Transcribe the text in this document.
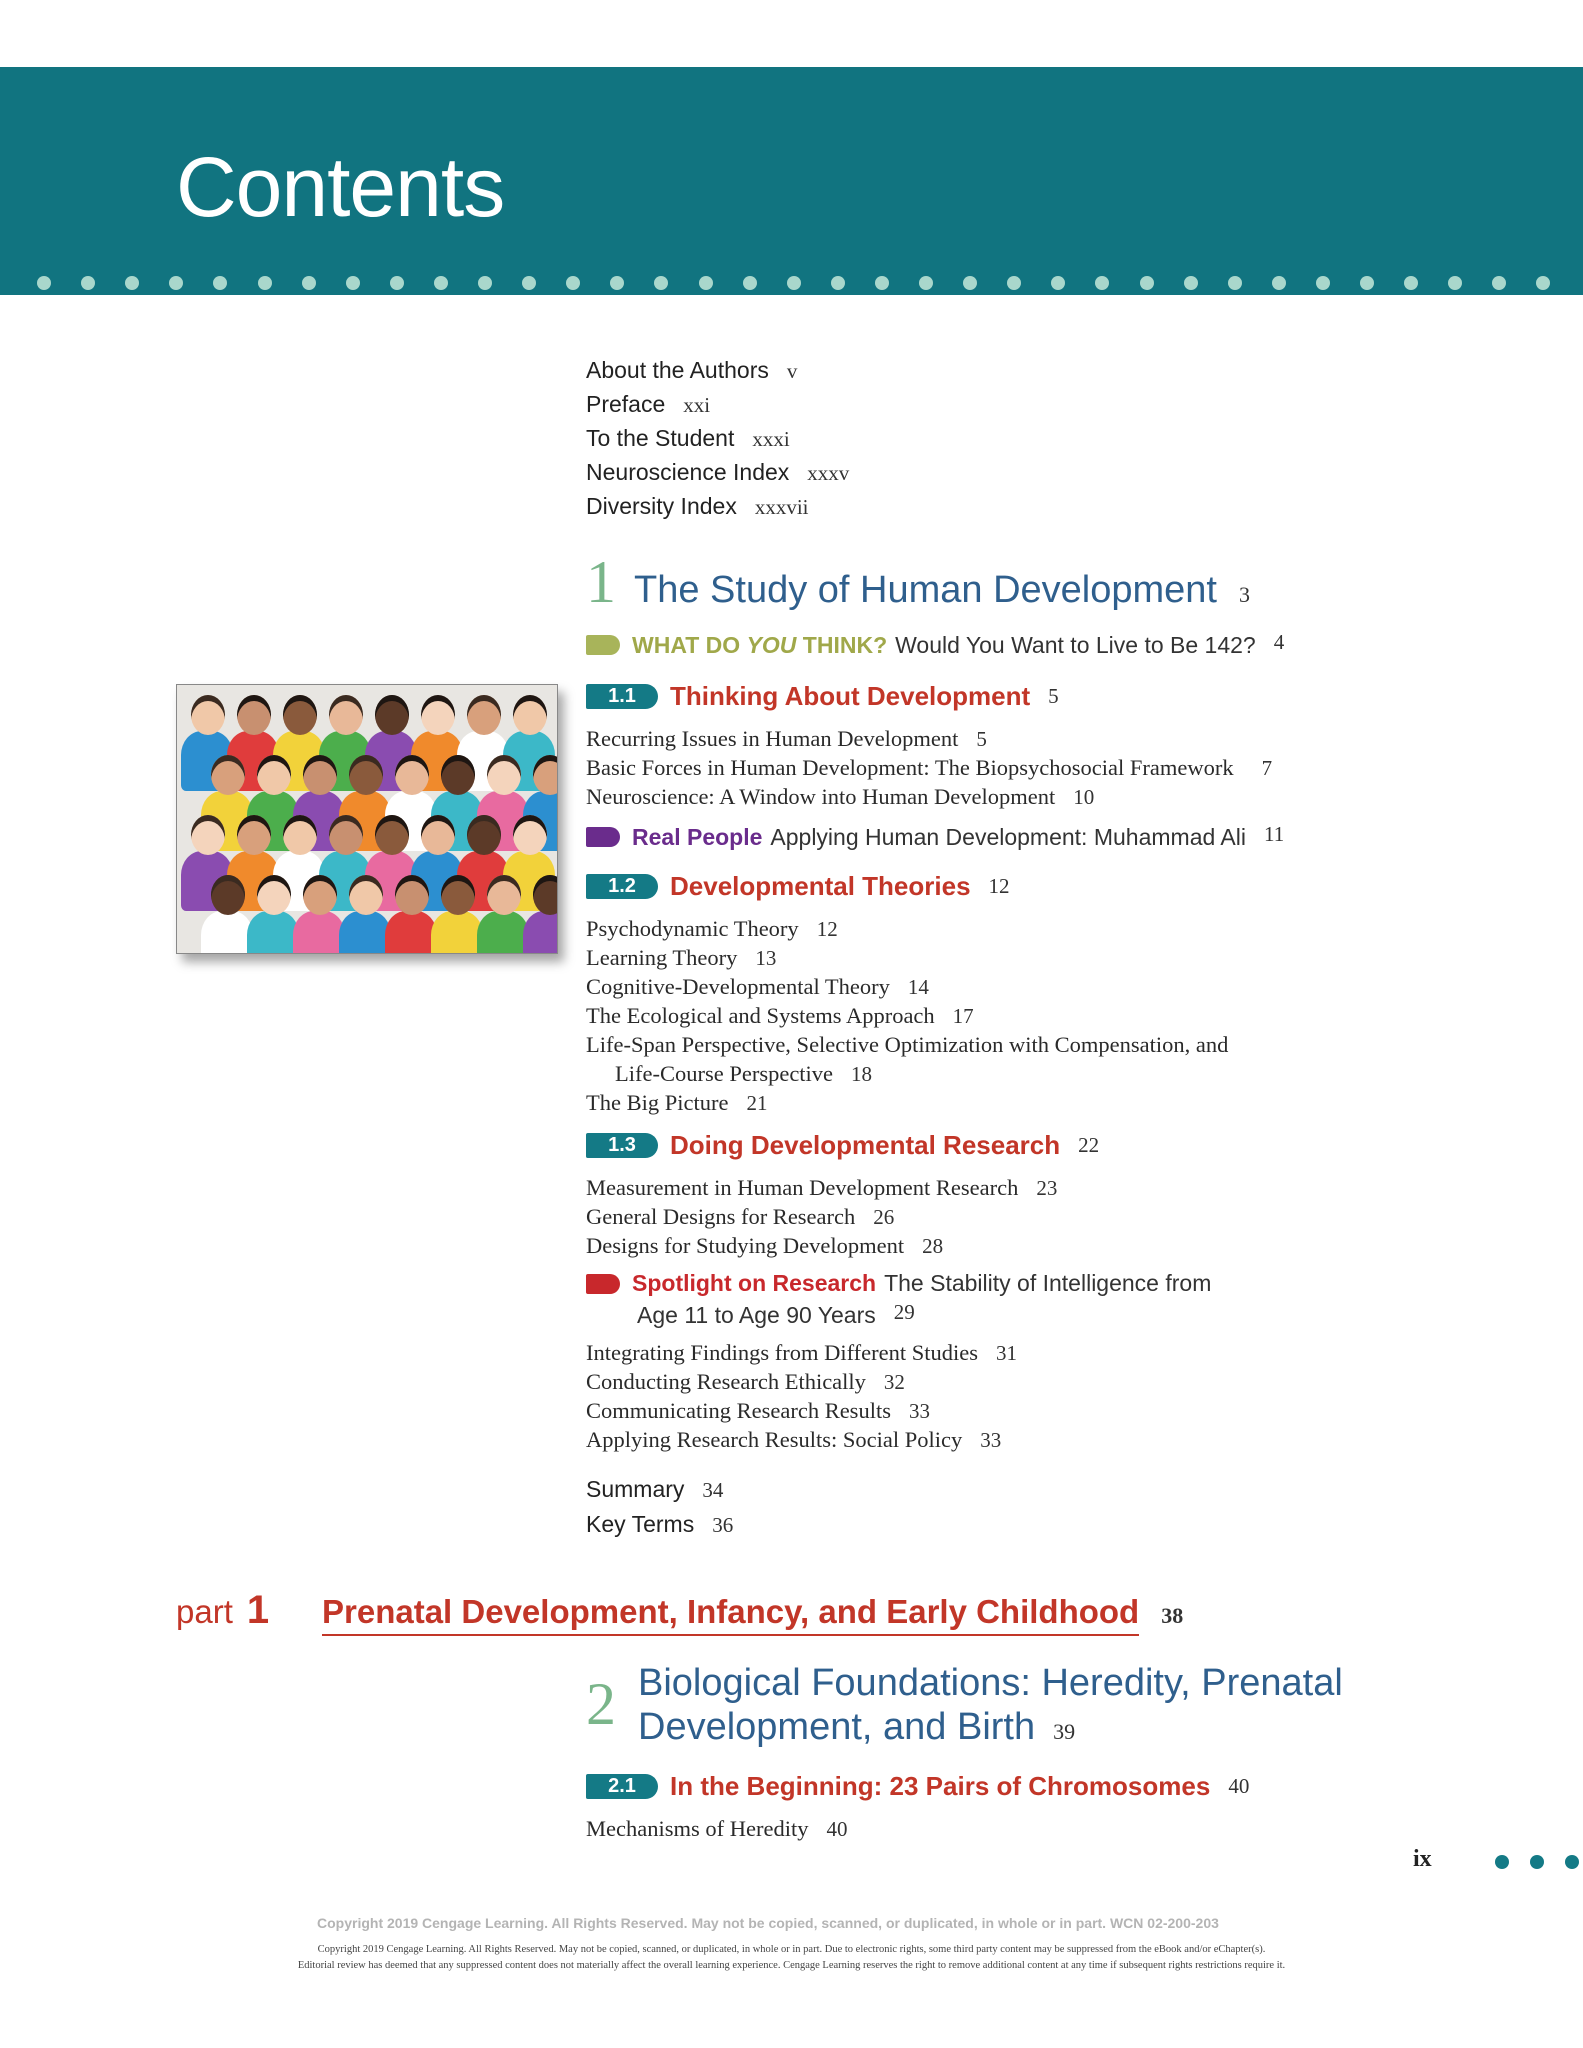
Contents
About the Authors v
Preface xxi
To the Student xxxi
Neuroscience Index xxxv
Diversity Index xxxvii
1 The Study of Human Development 3
WHAT DO YOU THINK? Would You Want to Live to Be 142? 4
1.1 Thinking About Development 5
Recurring Issues in Human Development 5
Basic Forces in Human Development: The Biopsychosocial Framework 7
Neuroscience: A Window into Human Development 10
Real People Applying Human Development: Muhammad Ali 11
1.2 Developmental Theories 12
Psychodynamic Theory 12
Learning Theory 13
Cognitive-Developmental Theory 14
The Ecological and Systems Approach 17
Life-Span Perspective, Selective Optimization with Compensation, and
Life-Course Perspective 18
The Big Picture 21
1.3 Doing Developmental Research 22
Measurement in Human Development Research 23
General Designs for Research 26
Designs for Studying Development 28
Spotlight on Research The Stability of Intelligence from
Age 11 to Age 90 Years 29
Integrating Findings from Different Studies 31
Conducting Research Ethically 32
Communicating Research Results 33
Applying Research Results: Social Policy 33
Summary 34
Key Terms 36
part 1 Prenatal Development, Infancy, and Early Childhood 38
2 Biological Foundations: Heredity, Prenatal
Development, and Birth 39
2.1 In the Beginning: 23 Pairs of Chromosomes 40
Mechanisms of Heredity 40
ix
Copyright 2019 Cengage Learning. All Rights Reserved. May not be copied, scanned, or duplicated, in whole or in part. WCN 02-200-203
Copyright 2019 Cengage Learning. All Rights Reserved. May not be copied, scanned, or duplicated, in whole or in part. Due to electronic rights, some third party content may be suppressed from the eBook and/or eChapter(s).
Editorial review has deemed that any suppressed content does not materially affect the overall learning experience. Cengage Learning reserves the right to remove additional content at any time if subsequent rights restrictions require it.
